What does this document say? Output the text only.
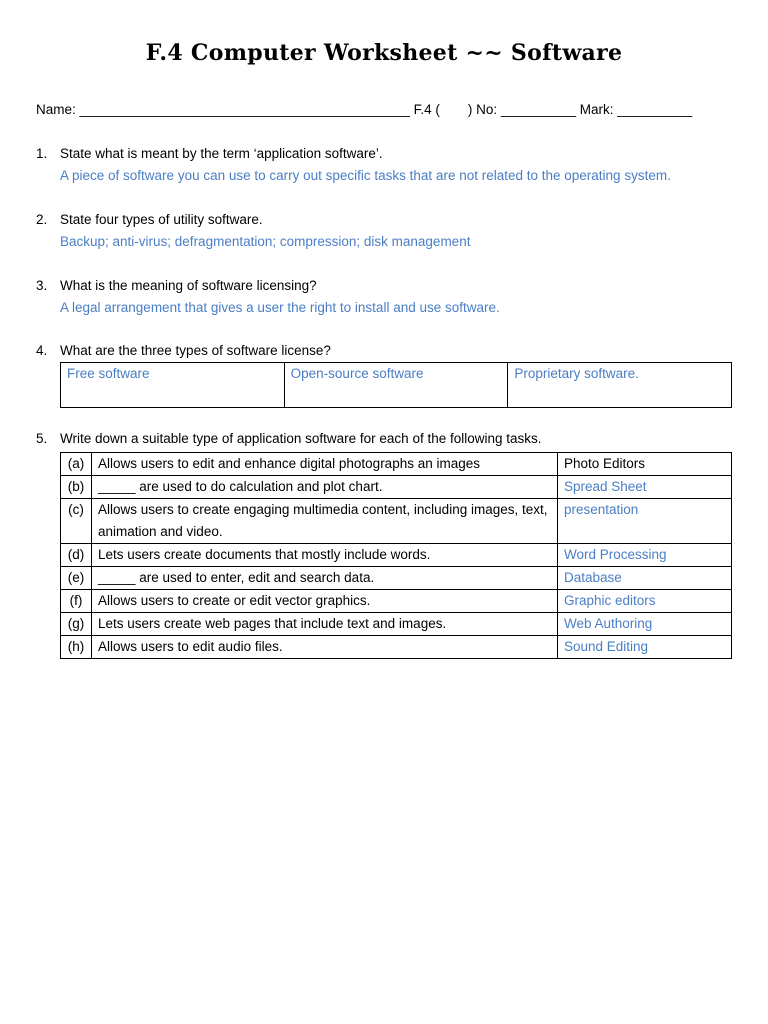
F.4 Computer Worksheet ~~ Software
Name: ____________________________________________ F.4 ( ) No: __________ Mark: __________
1. State what is meant by the term ‘application software’.
A piece of software you can use to carry out specific tasks that are not related to the operating system.
2. State four types of utility software.
Backup; anti-virus; defragmentation; compression; disk management
3. What is the meaning of software licensing?
A legal arrangement that gives a user the right to install and use software.
4. What are the three types of software license?
Free software	Open-source software	Proprietary software.
5. Write down a suitable type of application software for each of the following tasks.
(a)	Allows users to edit and enhance digital photographs an images	Photo Editors
(b)	_____ are used to do calculation and plot chart.	Spread Sheet
(c)	Allows users to create engaging multimedia content, including images, text, animation and video.	presentation
(d)	Lets users create documents that mostly include words.	Word Processing
(e)	_____ are used to enter, edit and search data.	Database
(f)	Allows users to create or edit vector graphics.	Graphic editors
(g)	Lets users create web pages that include text and images.	Web Authoring
(h)	Allows users to edit audio files.	Sound Editing
